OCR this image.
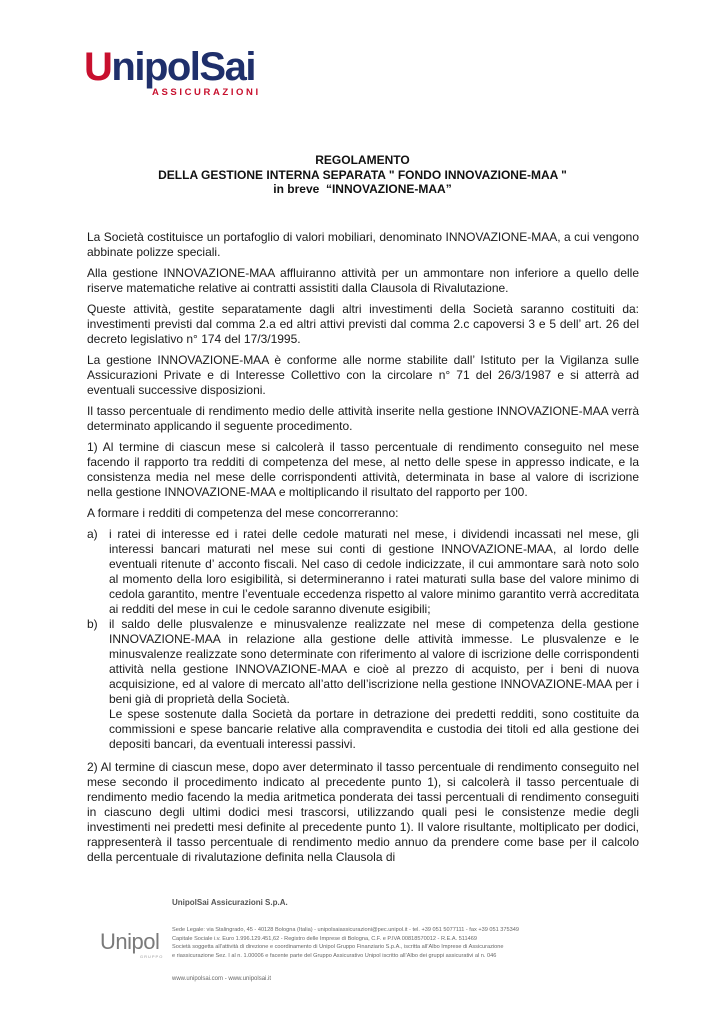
UnipolSai
ASSICURAZIONI
REGOLAMENTO
DELLA GESTIONE INTERNA SEPARATA " FONDO INNOVAZIONE-MAA "
in breve  “INNOVAZIONE-MAA”

La Società costituisce un portafoglio di valori mobiliari, denominato INNOVAZIONE-MAA, a cui vengono abbinate polizze speciali.

Alla gestione INNOVAZIONE-MAA affluiranno attività per un ammontare non inferiore a quello delle riserve matematiche relative ai contratti assistiti dalla Clausola di Rivalutazione.

Queste attività, gestite separatamente dagli altri investimenti della Società saranno costituiti da: investimenti previsti dal comma 2.a ed altri attivi previsti dal comma 2.c capoversi 3 e 5 dell’ art. 26 del decreto legislativo n° 174 del 17/3/1995.

La gestione INNOVAZIONE-MAA è conforme alle norme stabilite dall’ Istituto per la Vigilanza sulle Assicurazioni Private e di Interesse Collettivo con la circolare n° 71 del 26/3/1987 e si atterrà ad eventuali successive disposizioni.

Il tasso percentuale di rendimento medio delle attività inserite nella gestione INNOVAZIONE-MAA verrà determinato applicando il seguente procedimento.

1) Al termine di ciascun mese si calcolerà il tasso percentuale di rendimento conseguito nel mese facendo il rapporto tra redditi di competenza del mese, al netto delle spese in appresso indicate, e la consistenza media nel mese delle corrispondenti attività, determinata in base al valore di iscrizione nella gestione INNOVAZIONE-MAA e moltiplicando il risultato del rapporto per 100.

A formare i redditi di competenza del mese concorreranno:

a) i ratei di interesse ed i ratei delle cedole maturati nel mese, i dividendi incassati nel mese, gli interessi bancari maturati nel mese sui conti di gestione INNOVAZIONE-MAA, al lordo delle eventuali ritenute d’ acconto fiscali. Nel caso di cedole indicizzate, il cui ammontare sarà noto solo al momento della loro esigibilità, si determineranno i ratei maturati sulla base del valore minimo di cedola garantito, mentre l’eventuale eccedenza rispetto al valore minimo garantito verrà accreditata ai redditi del mese in cui le cedole saranno divenute esigibili;
b) il saldo delle plusvalenze e minusvalenze realizzate nel mese di competenza della gestione INNOVAZIONE-MAA in relazione alla gestione delle attività immesse. Le plusvalenze e le minusvalenze realizzate sono determinate con riferimento al valore di iscrizione delle corrispondenti attività nella gestione INNOVAZIONE-MAA e cioè al prezzo di acquisto, per i beni di nuova acquisizione, ed al valore di mercato all’atto dell’iscrizione nella gestione INNOVAZIONE-MAA per i beni già di proprietà della Società.
Le spese sostenute dalla Società da portare in detrazione dei predetti redditi, sono costituite da commissioni e spese bancarie relative alla compravendita e custodia dei titoli ed alla gestione dei depositi bancari, da eventuali interessi passivi.

2) Al termine di ciascun mese, dopo aver determinato il tasso percentuale di rendimento conseguito nel mese secondo il procedimento indicato al precedente punto 1), si calcolerà il tasso percentuale di rendimento medio facendo la media aritmetica ponderata dei tassi percentuali di rendimento conseguiti in ciascuno degli ultimi dodici mesi trascorsi, utilizzando quali pesi le consistenze medie degli investimenti nei predetti mesi definite al precedente punto 1). Il valore risultante, moltiplicato per dodici, rappresenterà il tasso percentuale di rendimento medio annuo da prendere come base per il calcolo della percentuale di rivalutazione definita nella Clausola di

Unipol
GRUPPO
UnipolSai Assicurazioni S.p.A.
Sede Legale: via Stalingrado, 45 - 40128 Bologna (Italia) - unipolsaiassicurazioni@pec.unipol.it - tel. +39 051 5077111 - fax +39 051 375349
Capitale Sociale i.v. Euro 1.996.129.451,62 - Registro delle Imprese di Bologna, C.F. e P.IVA 00818570012 - R.E.A. 511469
Società soggetta all’attività di direzione e coordinamento di Unipol Gruppo Finanziario S.p.A., iscritta all’Albo Imprese di Assicurazione
e riassicurazione Sez. I al n. 1.00006 e facente parte del Gruppo Assicurativo Unipol iscritto all’Albo dei gruppi assicurativi al n. 046
www.unipolsai.com - www.unipolsai.it
